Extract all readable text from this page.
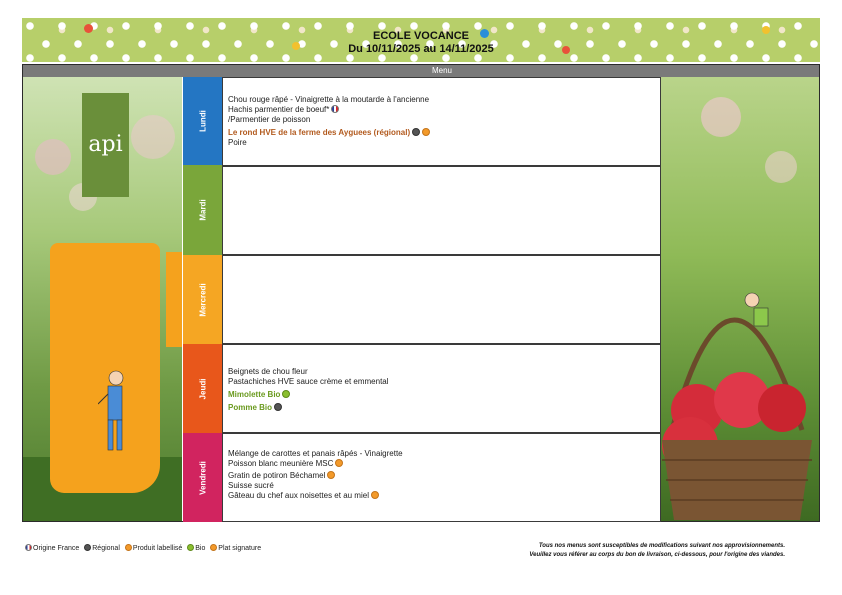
ECOLE VOCANCE
Du 10/11/2025 au 14/11/2025
Menu
api
Lundi
Mardi
Mercredi
Jeudi
Vendredi
Chou rouge râpé - Vinaigrette à la moutarde à l'ancienne
Hachis parmentier de boeuf*
/Parmentier de poisson
Le rond HVE de la ferme des Ayguees (régional)
Poire
Beignets de chou fleur
Pastachiches HVE sauce crème et emmental
Mimolette Bio
Pomme Bio
Mélange de carottes et panais râpés - Vinaigrette
Poisson blanc meunière MSC
Gratin de potiron Béchamel
Suisse sucré
Gâteau du chef aux noisettes et au miel
Origine France Régional Produit labellisé Bio Plat signature	Tous nos menus sont susceptibles de modifications suivant nos approvisionnements.
Veuillez vous référer au corps du bon de livraison, ci-dessous, pour l'origine des viandes.
